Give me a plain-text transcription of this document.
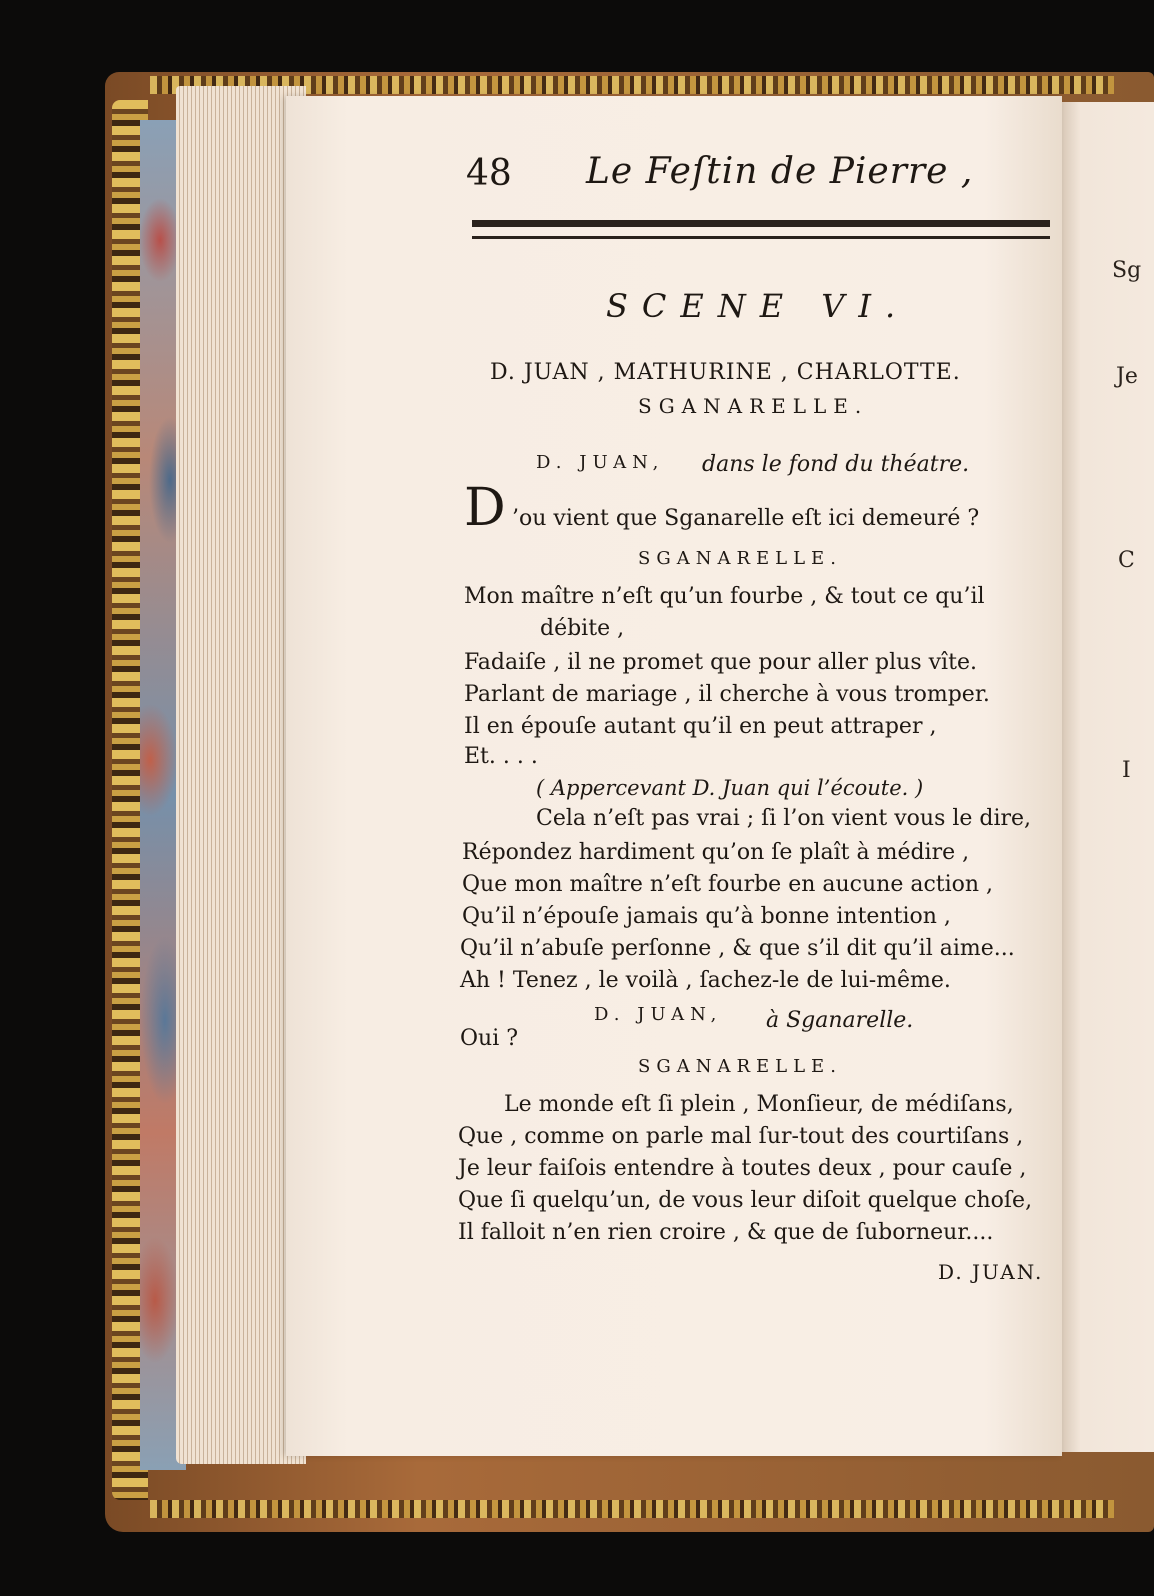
Sg
Je
C
I
48 Le Feſtin de Pierre ,
SCENE VI.
D. JUAN , MATHURINE , CHARLOTTE.
SGANARELLE.
D. JUAN, dans le fond du théatre.
D ’ou vient que Sganarelle eſt ici demeuré ?
SGANARELLE.
Mon maître n’eſt qu’un fourbe , & tout ce qu’il
débite ,
Fadaiſe , il ne promet que pour aller plus vîte.
Parlant de mariage , il cherche à vous tromper.
Il en épouſe autant qu’il en peut attraper ,
Et. . . .
( Appercevant D. Juan qui l’écoute. )
Cela n’eſt pas vrai ; ſi l’on vient vous le dire,
Répondez hardiment qu’on ſe plaît à médire ,
Que mon maître n’eſt fourbe en aucune action ,
Qu’il n’épouſe jamais qu’à bonne intention ,
Qu’il n’abuſe perſonne , & que s’il dit qu’il aime...
Ah ! Tenez , le voilà , ſachez-le de lui-même.
D. JUAN, à Sganarelle.
Oui ?
SGANARELLE.
Le monde eſt ſi plein , Monſieur, de médiſans,
Que , comme on parle mal ſur-tout des courtiſans ,
Je leur faiſois entendre à toutes deux , pour cauſe ,
Que ſi quelqu’un, de vous leur diſoit quelque choſe,
Il falloit n’en rien croire , & que de ſuborneur....
D. JUAN.
